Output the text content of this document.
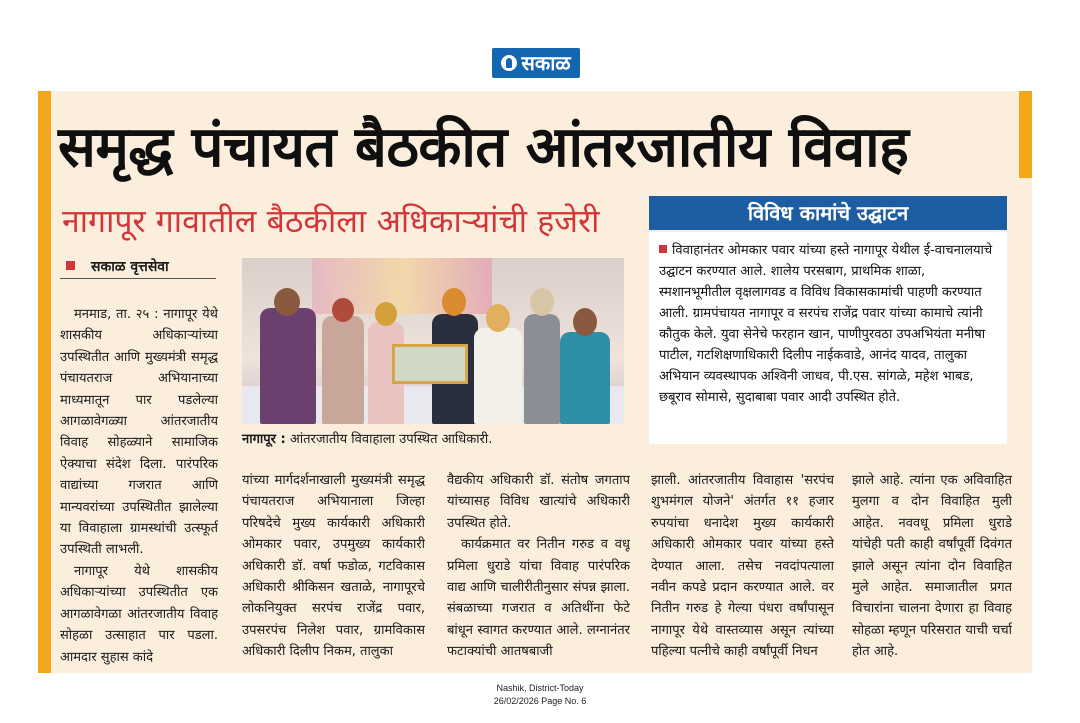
सकाळ
समृद्ध पंचायत बैठकीत आंतरजातीय विवाह
नागापूर गावातील बैठकीला अधिकाऱ्यांची हजेरी	विविध कामांचे उद्घाटन
विवाहानंतर ओमकार पवार यांच्या हस्ते नागापूर येथील ई-वाचनालयाचे उद्घाटन करण्यात आले. शालेय परसबाग, प्राथमिक शाळा, स्मशानभूमीतील वृक्षलागवड व विविध विकासकामांची पाहणी करण्यात आली. ग्रामपंचायत नागापूर व सरपंच राजेंद्र पवार यांच्या कामाचे त्यांनी कौतुक केले. युवा सेनेचे फरहान खान, पाणीपुरवठा उपअभियंता मनीषा पाटील, गटशिक्षणाधिकारी दिलीप नाईकवाडे, आनंद यादव, तालुका अभियान व्यवस्थापक अश्विनी जाधव, पी.एस. सांगळे, महेश भाबड, छबूराव सोमासे, सुदाबाबा पवार आदी उपस्थित होते.
सकाळ वृत्तसेवा

मनमाड, ता. २५ : नागापूर येथे शासकीय अधिकाऱ्यांच्या उपस्थितीत आणि मुख्यमंत्री समृद्ध पंचायतराज अभियानाच्या माध्यमातून पार पडलेल्या आगळावेगळ्या आंतरजातीय विवाह सोहळ्याने सामाजिक ऐक्याचा संदेश दिला. पारंपरिक वाद्यांच्या गजरात आणि मान्यवरांच्या उपस्थितीत झालेल्या या विवाहाला ग्रामस्थांची उत्स्फूर्त उपस्थिती लाभली.

नागापूर येथे शासकीय अधिकाऱ्यांच्या उपस्थितीत एक आगळावेगळा आंतरजातीय विवाह सोहळा उत्साहात पार पडला. आमदार सुहास कांदे

नागापूर : आंतरजातीय विवाहाला उपस्थित आधिकारी.

यांच्या मार्गदर्शनाखाली मुख्यमंत्री समृद्ध पंचायतराज अभियानाला जिल्हा परिषदेचे मुख्य कार्यकारी अधिकारी ओमकार पवार, उपमुख्य कार्यकारी अधिकारी डॉ. वर्षा फडोळ, गटविकास अधिकारी श्रीकिसन खताळे, नागापूरचे लोकनियुक्त सरपंच राजेंद्र पवार, उपसरपंच निलेश पवार, ग्रामविकास अधिकारी दिलीप निकम, तालुका

वैद्यकीय अधिकारी डॉ. संतोष जगताप यांच्यासह विविध खात्यांचे अधिकारी उपस्थित होते.

कार्यक्रमात वर नितीन गरुड व वधू प्रमिला धुराडे यांचा विवाह पारंपरिक वाद्य आणि चालीरीतीनुसार संपन्न झाला. संबळाच्या गजरात व अतिथींना फेटे बांधून स्वागत करण्यात आले. लग्नानंतर फटाक्यांची आतषबाजी

झाली. आंतरजातीय विवाहास 'सरपंच शुभमंगल योजने' अंतर्गत ११ हजार रुपयांचा धनादेश मुख्य कार्यकारी अधिकारी ओमकार पवार यांच्या हस्ते देण्यात आला. तसेच नवदांपत्याला नवीन कपडे प्रदान करण्यात आले. वर नितीन गरुड हे गेल्या पंधरा वर्षांपासून नागापूर येथे वास्तव्यास असून त्यांच्या पहिल्या पत्नीचे काही वर्षांपूर्वी निधन

झाले आहे. त्यांना एक अविवाहित मुलगा व दोन विवाहित मुली आहेत. नववधू प्रमिला धुराडे यांचेही पती काही वर्षांपूर्वी दिवंगत झाले असून त्यांना दोन विवाहित मुले आहेत. समाजातील प्रगत विचारांना चालना देणारा हा विवाह सोहळा म्हणून परिसरात याची चर्चा होत आहे.

Nashik, District-Today
26/02/2026 Page No. 6
